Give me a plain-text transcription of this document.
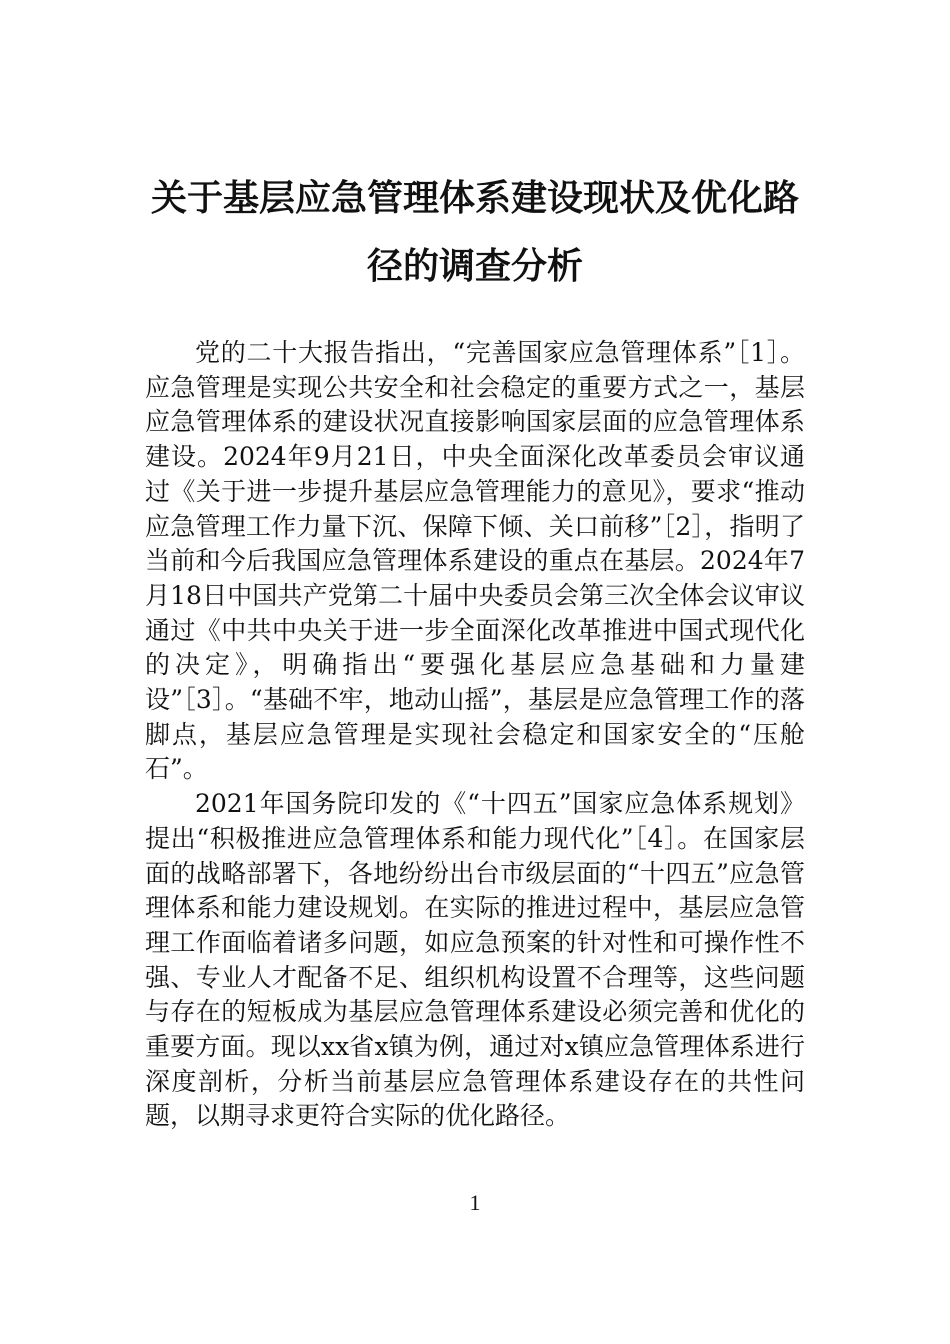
关于基层应急管理体系建设现状及优化路
径的调查分析

党的二十大报告指出，“完善国家应急管理体系”［1］。应急管理是实现公共安全和社会稳定的重要方式之一，基层应急管理体系的建设状况直接影响国家层面的应急管理体系建设。2024年9月21日，中央全面深化改革委员会审议通过《关于进一步提升基层应急管理能力的意见》，要求“推动应急管理工作力量下沉、保障下倾、关口前移”［2］，指明了当前和今后我国应急管理体系建设的重点在基层。2024年7月18日中国共产党第二十届中央委员会第三次全体会议审议通过《中共中央关于进一步全面深化改革推进中国式现代化的决定》，明确指出“要强化基层应急基础和力量建设”［3］。“基础不牢，地动山摇”，基层是应急管理工作的落脚点，基层应急管理是实现社会稳定和国家安全的“压舱石”。

2021年国务院印发的《“十四五”国家应急体系规划》提出“积极推进应急管理体系和能力现代化”［4］。在国家层面的战略部署下，各地纷纷出台市级层面的“十四五”应急管理体系和能力建设规划。在实际的推进过程中，基层应急管理工作面临着诸多问题，如应急预案的针对性和可操作性不强、专业人才配备不足、组织机构设置不合理等，这些问题与存在的短板成为基层应急管理体系建设必须完善和优化的重要方面。现以xx省x镇为例，通过对x镇应急管理体系进行深度剖析，分析当前基层应急管理体系建设存在的共性问题，以期寻求更符合实际的优化路径。

1
